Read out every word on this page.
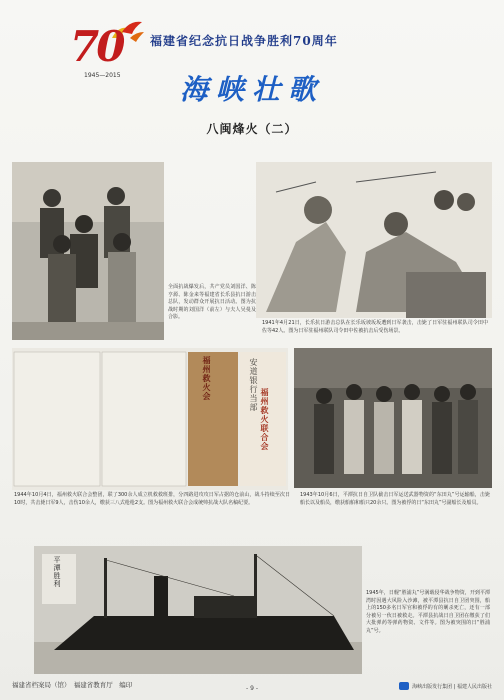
70
1945—2015
福建省纪念抗日战争胜利70周年
海峡壮歌
八闽烽火（二）
全面抗战爆发后，共产党员刘国洋、陈亨源、陈金来等福建省长乐县抗日游击总队，发动群众开展抗日活动。图为抗战时期的刘国洋（前左）与夫人吴曼及合影。
1941年4月21日，长乐抗日游击总队在长乐坂坡坂坂遭到日军袭击，击毙了日军驻福州联队司令田中佐等42人。图为日军驻福州联队司令田中佐被抗击后受伤场景。
福州救火会
福州救火联合会
安道银行当部
1944年10月4日，福州救火联合会整团，联了300余人成立机救救班排，分四路进攻攻日军占据的仓前山，战斗持续至次日10时，共击毙日军9人，击伤10余人，缴获三八式枪枪2支。图为福州救火联合会成统帅抗战大队名稿纪要。
1943年10月6日，平潭抗日自卫队截击日军运送武器物资的“东田丸”号运输船，击毙船长以及船员，缴获船舶和船只20余只。图为被俘的日“东田丸”号副船长及船员。
平潭胜利
1945年，日舰“胜浦丸”号满载侵华战争物资，开到平潭湾时因遇大风险入沙滩，被平潭县抗日自卫团突围，船上的150多名日军官和被俘的有的剿杀死亡，还有一部分被另一伙日被救走。平潭县抗战日自卫团在缴获了们大批弹药等弹药物资、文件等。图为被突围的日“胜浦丸”号。
福建省档案局（馆）　福建省教育厅　编印	- 9 -	海峡出版发行集团 | 福建人民出版社
